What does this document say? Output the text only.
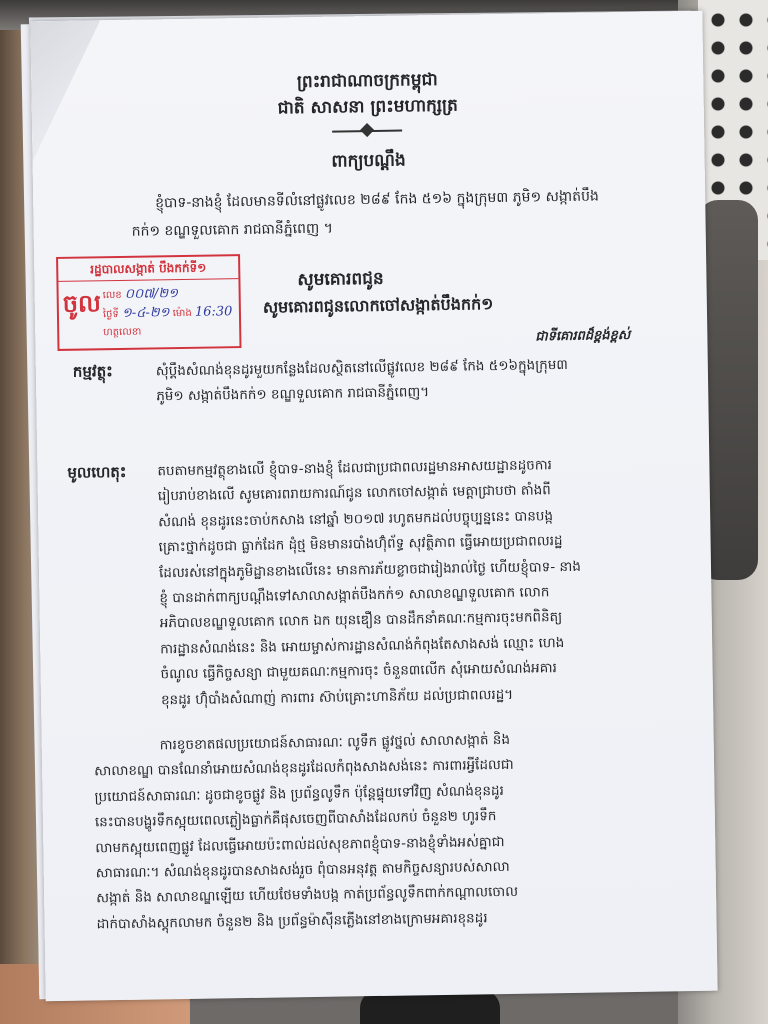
ព្រះរាជាណាចក្រកម្ពុជា
ជាតិ សាសនា ព្រះមហាក្សត្រ
ពាក្យបណ្ដឹង
ខ្ញុំបាទ-នាងខ្ញុំ ដែលមានទីលំនៅផ្លូវលេខ ២៨៩ កែង ៥១៦ ក្នុងក្រុម៣ ភូមិ១ សង្កាត់បឹង
កក់១ ខណ្ឌទួលគោក រាជធានីភ្នំពេញ ។
រដ្ឋបាលសង្កាត់ បឹងកក់ទី១
ចូល លេខ ០០៧/២១
ថ្ងៃទី ១-៤-២១ ម៉ោង 16:30
ហត្ថលេខា
សូមគោរពជូន
សូមគោរពជូនលោកចៅសង្កាត់បឹងកក់១
ជាទីគោរពដ៏ខ្ពង់ខ្ពស់
កម្មវត្ថុះ	សុំប្ដឹងសំណង់ខុនដូរមួយកន្លែងដែលស្ថិតនៅលើផ្លូវលេខ ២៨៩ កែង ៥១៦ក្នុងក្រុម៣
ភូមិ១ សង្កាត់បឹងកក់១ ខណ្ឌទួលគោក រាជធានីភ្នំពេញ។
មូលហេតុះ តបតាមកម្មវត្ថុខាងលើ ខ្ញុំបាទ-នាងខ្ញុំ ដែលជាប្រជាពលរដ្ឋមានអាសយដ្ឋានដូចការ
រៀបរាប់ខាងលើ សូមគោរពរាយការណ៍ជូន លោកចៅសង្កាត់ មេត្តាជ្រាបថា តាំងពី
សំណង់ ខុនដូរនេះចាប់កសាង នៅឆ្នាំ ២០១៧ រហូតមកដល់បច្ចុប្បន្ននេះ បានបង្ក
គ្រោះថ្នាក់ដូចជា ធ្លាក់ដែក ដុំថ្ម មិនមានរបាំងហ៊ុំព័ទ្ធ សុវត្ថិភាព ធ្វើអោយប្រជាពលរដ្ឋ
ដែលរស់នៅក្នុងភូមិដ្ឋានខាងលើនេះ មានការភ័យខ្លាចជារៀងរាល់ថ្ងៃ ហើយខ្ញុំបាទ- នាង
ខ្ញុំ បានដាក់ពាក្យបណ្ដឹងទៅសាលាសង្កាត់បឹងកក់១ សាលាខណ្ឌទួលគោក លោក
អភិបាលខណ្ឌទួលគោក លោក ឯក យុនឌឿន បានដឹកនាំគណៈកម្មការចុះមកពិនិត្យ
ការដ្ឋានសំណង់នេះ និង អោយម្ចាស់ការដ្ឋានសំណង់កំពុងតែសាងសង់ ឈ្មោះ ហេង
ចំណូល ធ្វើកិច្ចសន្យា ជាមួយគណៈកម្មការចុះ ចំនួន៣លើក សុំអោយសំណង់អគារ
ខុនដូរ ហ៊ុំបាំងសំណាញ់ ការពារ ស៊ាប់គ្រោះហានិភ័យ ដល់ប្រជាពលរដ្ឋ។
ការខូចខាតផលប្រយោជន៍សាធារណៈ លូទឹក ផ្លូវថ្នល់ សាលាសង្កាត់ និង
សាលាខណ្ឌ បានណែនាំអោយសំណង់ខុនដូរដែលកំពុងសាងសង់នេះ ការពារអ្វីដែលជា
ប្រយោជន៍សាធារណៈ ដូចជាខូចផ្លូវ និង ប្រព័ន្ធលូទឹក ប៉ុន្តែផ្ទុយទៅវិញ សំណង់ខុនដូរ
នេះបានបង្ហូរទឹកស្អុយពេលភ្លៀងធ្លាក់គឺផុសចេញពីបាសាំងដែលកប់ ចំនួន២ ហូរទឹក
លាមកស្អុយពេញផ្លូវ ដែលធ្វើអោយប៉ះពាល់ដល់សុខភាពខ្ញុំបាទ-នាងខ្ញុំទាំងអស់គ្នាជា
សាធារណៈ។ សំណង់ខុនដូរបានសាងសង់រួច ពុំបានអនុវត្ត តាមកិច្ចសន្យារបស់សាលា
សង្កាត់ និង សាលាខណ្ឌឡើយ ហើយថែមទាំងបង្ក កាត់ប្រព័ន្ធលូទឹកពាក់កណ្ដាលចោល
ដាក់បាសាំងស្តុកលាមក ចំនួន២ និង ប្រព័ន្ធម៉ាស៊ីនភ្លើងនៅខាងក្រោមអគារខុនដូរ
